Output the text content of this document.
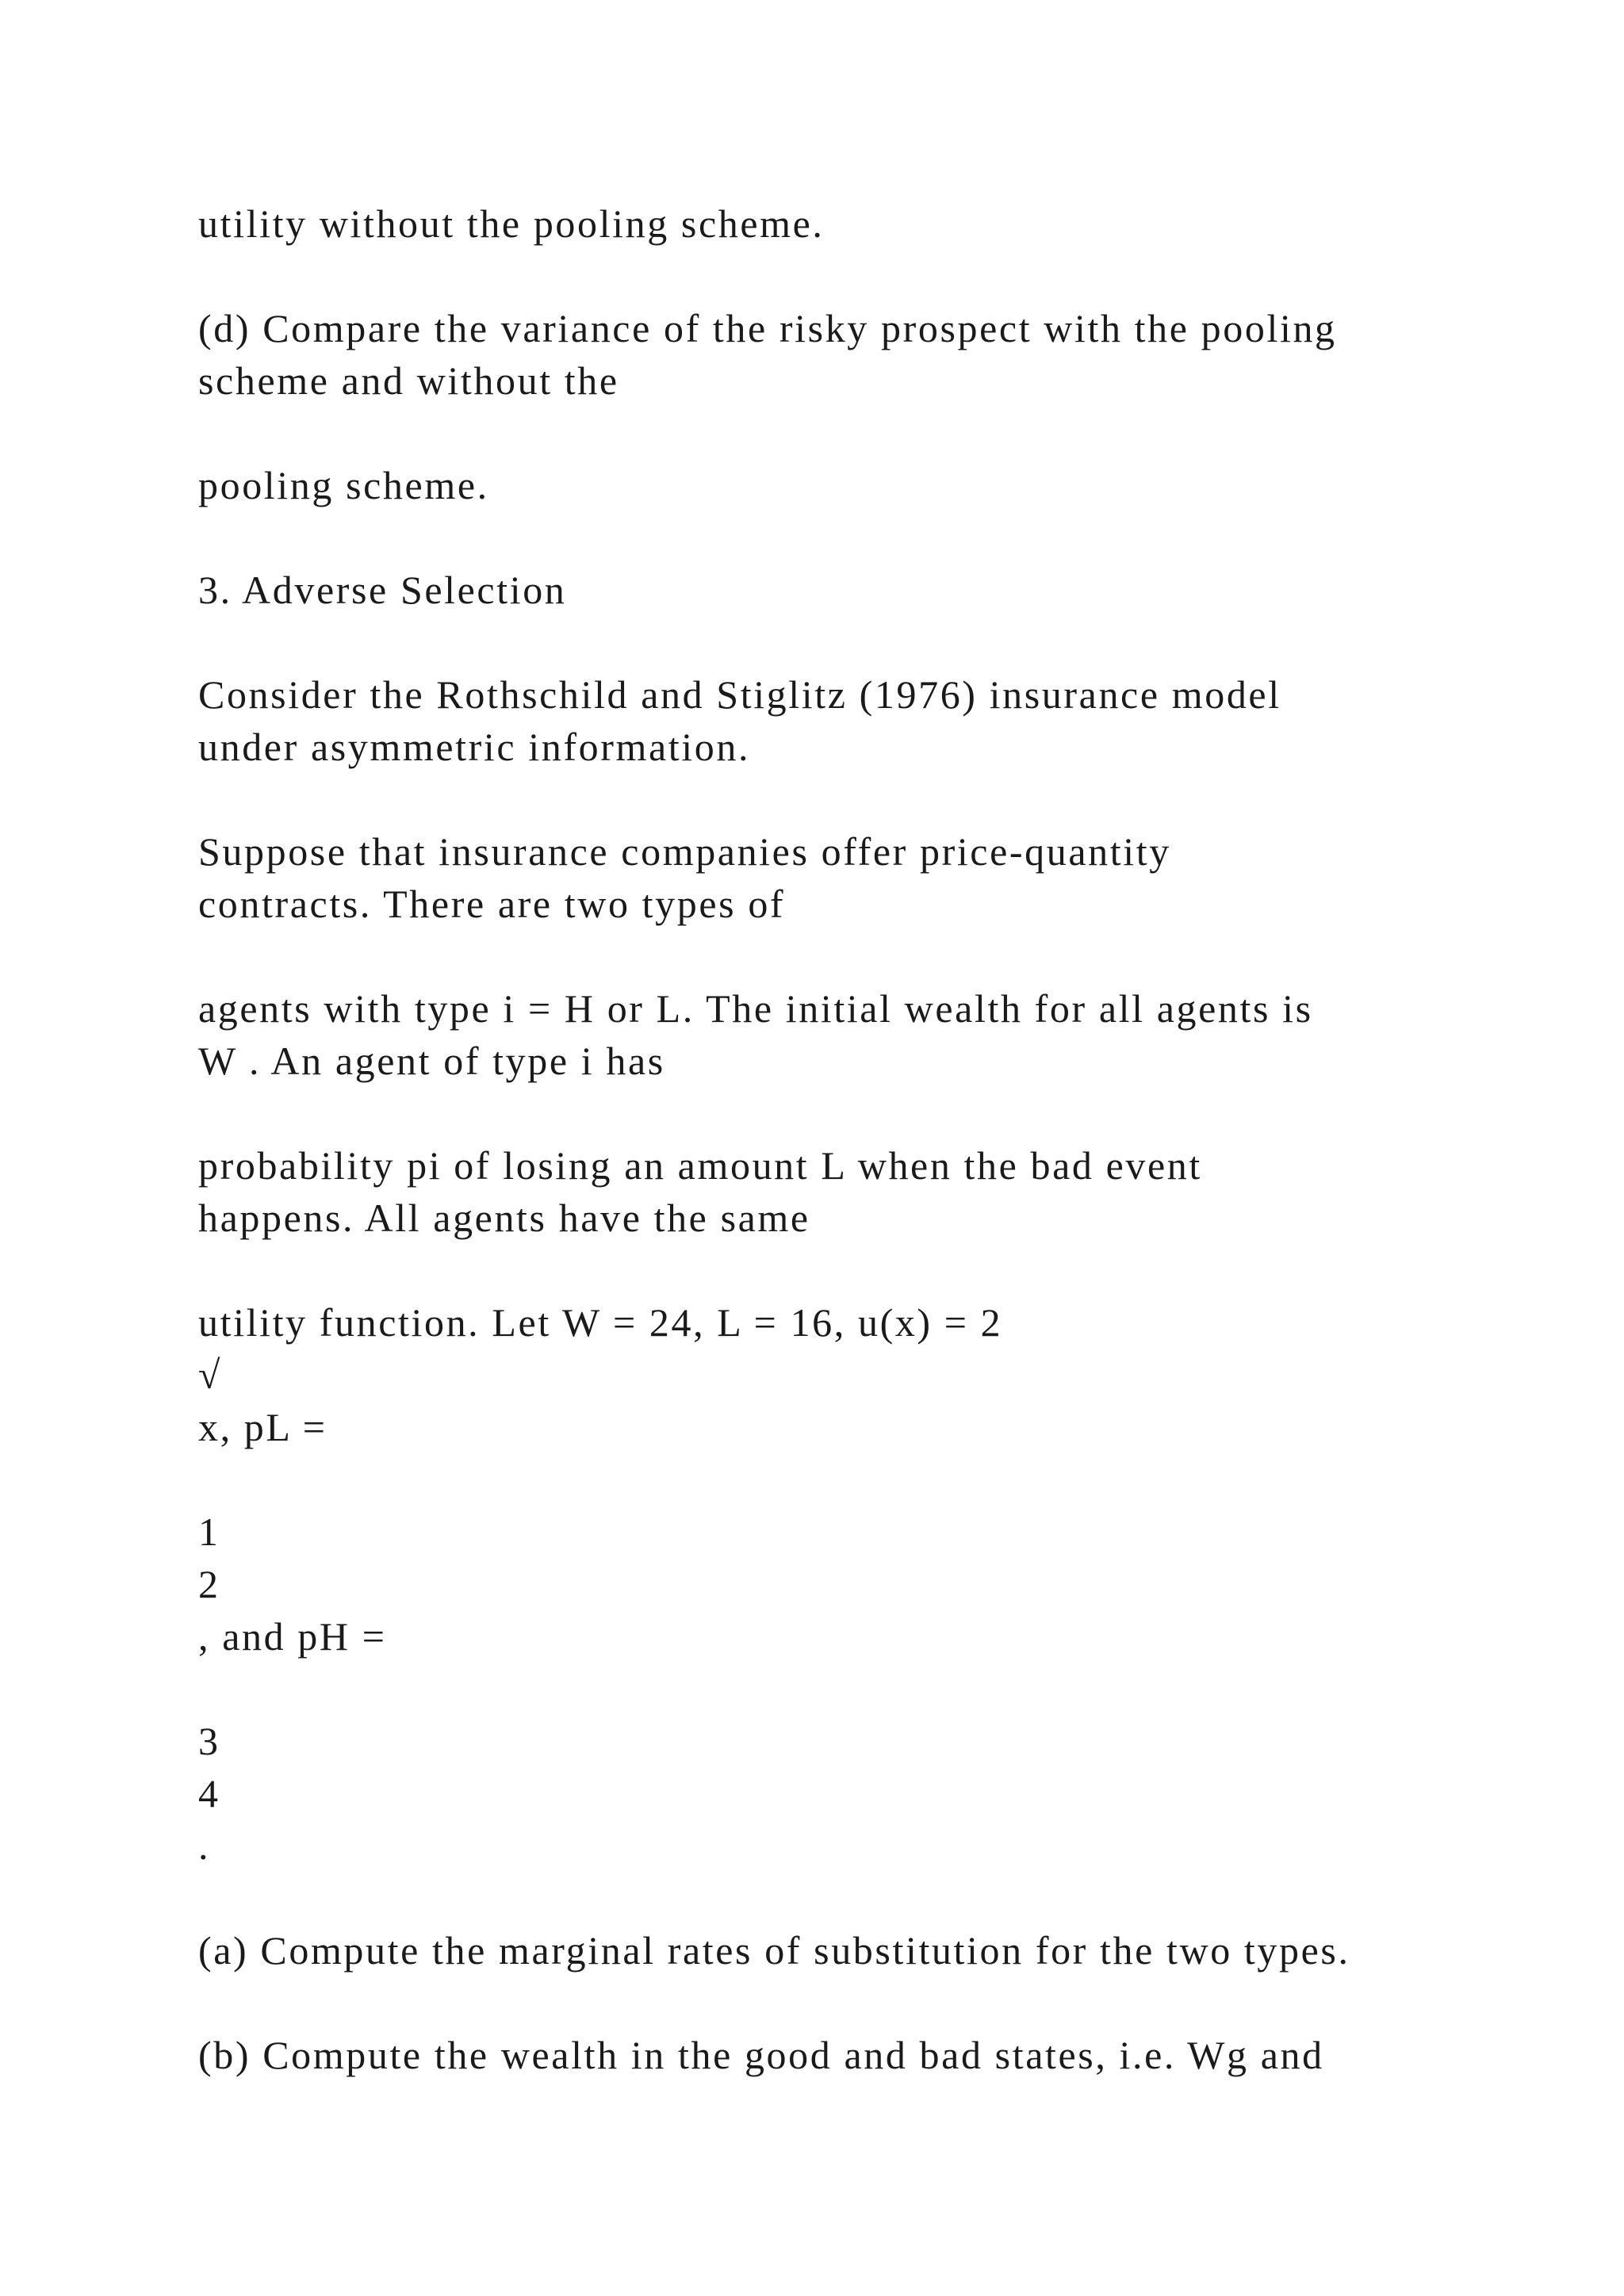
utility without the pooling scheme.
(d) Compare the variance of the risky prospect with the pooling
scheme and without the
pooling scheme.
3. Adverse Selection
Consider the Rothschild and Stiglitz (1976) insurance model
under asymmetric information.
Suppose that insurance companies offer price-quantity
contracts. There are two types of
agents with type i = H or L. The initial wealth for all agents is
W . An agent of type i has
probability pi of losing an amount L when the bad event
happens. All agents have the same
utility function. Let W = 24, L = 16, u(x) = 2
√
x, pL =
1
2
, and pH =
3
4
.
(a) Compute the marginal rates of substitution for the two types.
(b) Compute the wealth in the good and bad states, i.e. Wg and
